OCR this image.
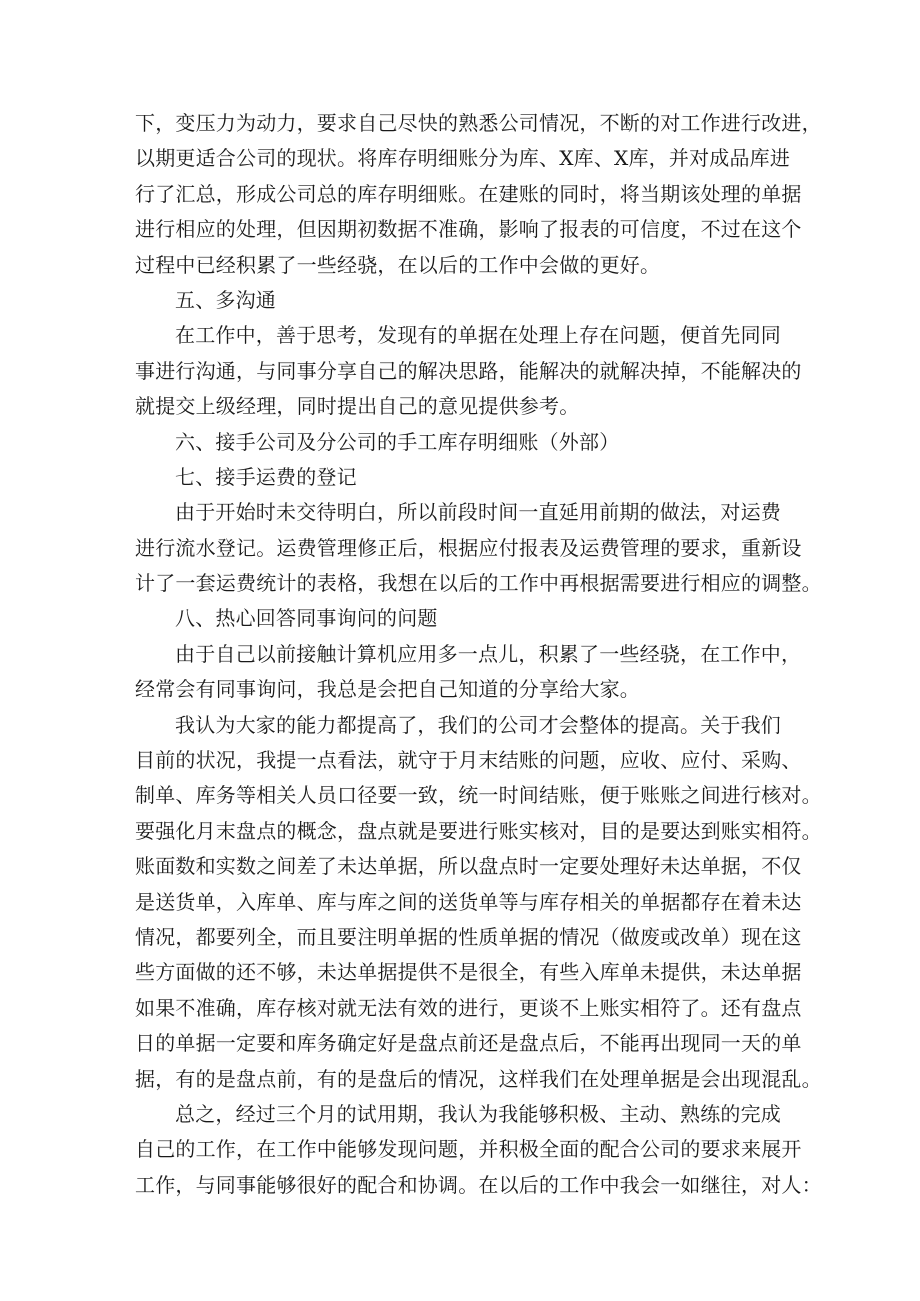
下，变压力为动力，要求自己尽快的熟悉公司情况，不断的对工作进行改进，
以期更适合公司的现状。将库存明细账分为库、X库、X库，并对成品库进
行了汇总，形成公司总的库存明细账。在建账的同时，将当期该处理的单据
进行相应的处理，但因期初数据不准确，影响了报表的可信度，不过在这个
过程中已经积累了一些经骁，在以后的工作中会做的更好。
五、多沟通
在工作中，善于思考，发现有的单据在处理上存在问题，便首先同同
事进行沟通，与同事分享自己的解决思路，能解决的就解决掉，不能解决的
就提交上级经理，同时提出自己的意见提供参考。
六、接手公司及分公司的手工库存明细账（外部）
七、接手运费的登记
由于开始时未交待明白，所以前段时间一直延用前期的做法，对运费
进行流水登记。运费管理修正后，根据应付报表及运费管理的要求，重新设
计了一套运费统计的表格，我想在以后的工作中再根据需要进行相应的调整。
八、热心回答同事询问的问题
由于自己以前接触计算机应用多一点儿，积累了一些经骁，在工作中，
经常会有同事询问，我总是会把自己知道的分享给大家。
我认为大家的能力都提高了，我们的公司才会整体的提高。关于我们
目前的状况，我提一点看法，就守于月末结账的问题，应收、应付、采购、
制单、库务等相关人员口径要一致，统一时间结账，便于账账之间进行核对。
要强化月末盘点的概念，盘点就是要进行账实核对，目的是要达到账实相符。
账面数和实数之间差了未达单据，所以盘点时一定要处理好未达单据，不仅
是送货单，入库单、库与库之间的送货单等与库存相关的单据都存在着未达
情况，都要列全，而且要注明单据的性质单据的情况（做废或改单）现在这
些方面做的还不够，未达单据提供不是很全，有些入库单未提供，未达单据
如果不准确，库存核对就无法有效的进行，更谈不上账实相符了。还有盘点
日的单据一定要和库务确定好是盘点前还是盘点后，不能再出现同一天的单
据，有的是盘点前，有的是盘后的情况，这样我们在处理单据是会出现混乱。
总之，经过三个月的试用期，我认为我能够积极、主动、熟练的完成
自己的工作，在工作中能够发现问题，并积极全面的配合公司的要求来展开
工作，与同事能够很好的配合和协调。在以后的工作中我会一如继往，对人：
